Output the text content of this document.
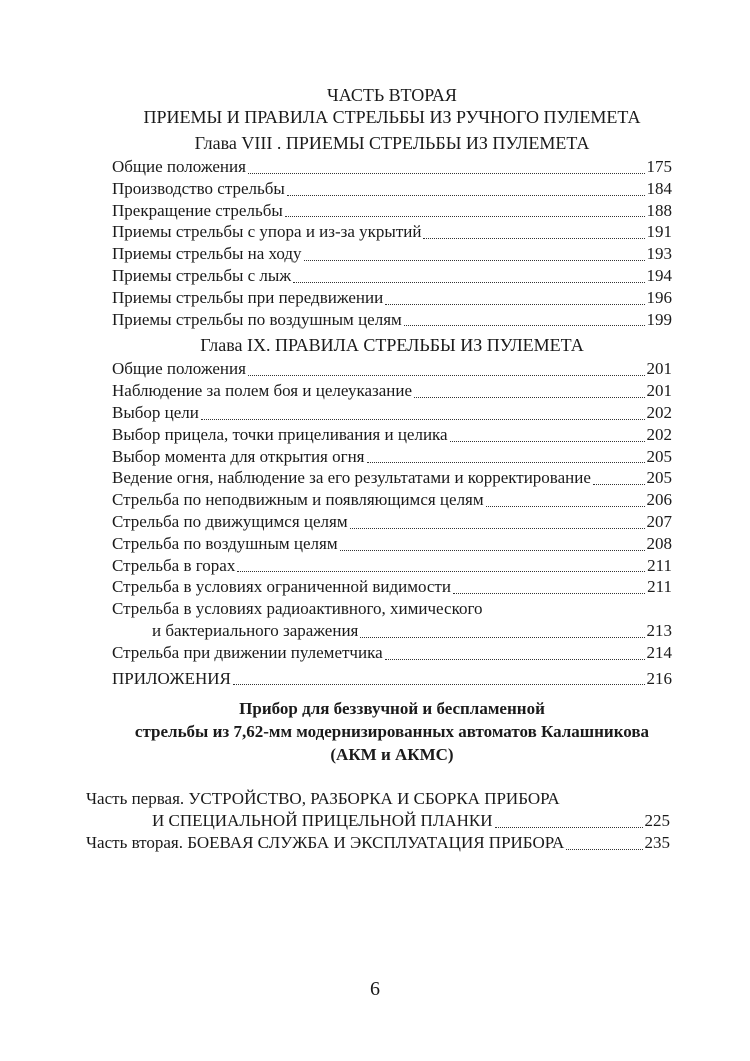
ЧАСТЬ ВТОРАЯ
ПРИЕМЫ И ПРАВИЛА СТРЕЛЬБЫ ИЗ РУЧНОГО ПУЛЕМЕТА
Глава VIII . ПРИЕМЫ СТРЕЛЬБЫ ИЗ ПУЛЕМЕТА
Общие положения	175
Производство стрельбы	184
Прекращение стрельбы	188
Приемы стрельбы с упора и из-за укрытий	191
Приемы стрельбы на ходу	193
Приемы стрельбы с лыж	194
Приемы стрельбы при передвижении	196
Приемы стрельбы по воздушным целям	199
Глава IX. ПРАВИЛА СТРЕЛЬБЫ ИЗ ПУЛЕМЕТА
Общие положения	201
Наблюдение за полем боя и целеуказание	201
Выбор цели	202
Выбор прицела, точки прицеливания и целика	202
Выбор момента для открытия огня	205
Ведение огня, наблюдение за его результатами и корректирование	205
Стрельба по неподвижным и появляющимся целям	206
Стрельба по движущимся целям	207
Стрельба по воздушным целям	208
Стрельба в горах	211
Стрельба в условиях ограниченной видимости	211
Стрельба в условиях радиоактивного, химического
и бактериального заражения	213
Стрельба при движении пулеметчика	214
ПРИЛОЖЕНИЯ	216
Прибор для беззвучной и беспламенной
стрельбы из 7,62-мм модернизированных автоматов Калашникова
(АКМ и АКМС)
Часть первая. УСТРОЙСТВО, РАЗБОРКА И СБОРКА ПРИБОРА
И СПЕЦИАЛЬНОЙ ПРИЦЕЛЬНОЙ ПЛАНКИ	225
Часть вторая. БОЕВАЯ СЛУЖБА И ЭКСПЛУАТАЦИЯ ПРИБОРА	235
6
